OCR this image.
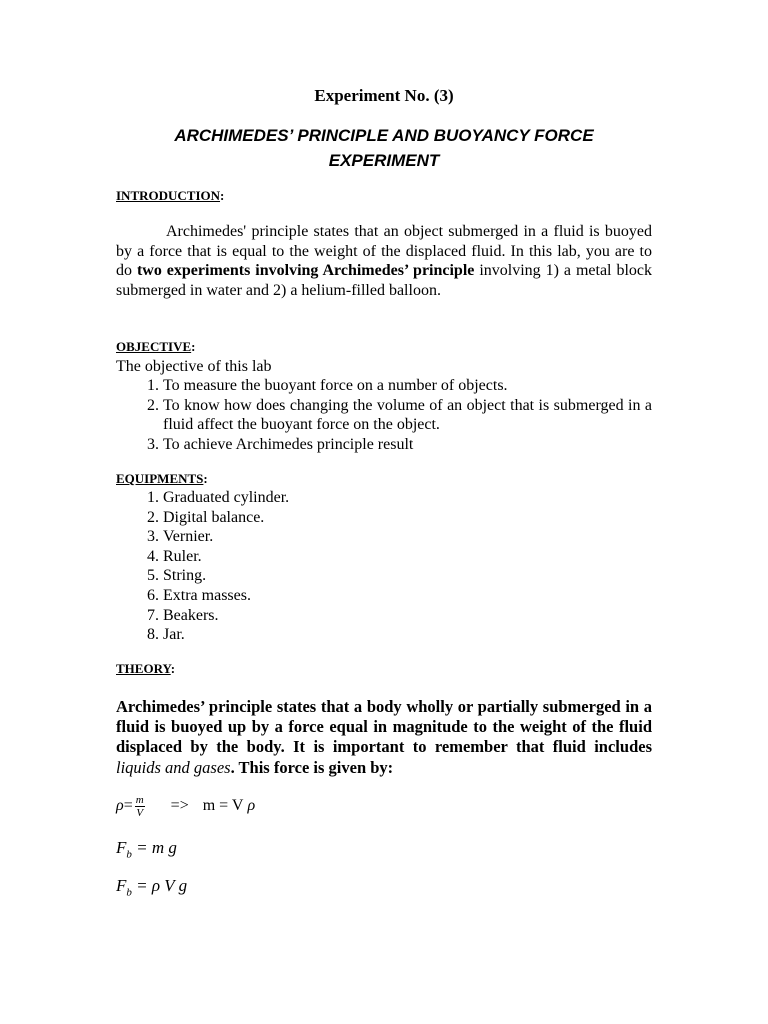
Experiment No. (3)
ARCHIMEDES’ PRINCIPLE AND BUOYANCY FORCE
EXPERIMENT
INTRODUCTION:
Archimedes' principle states that an object submerged in a fluid is buoyed by a force that is equal to the weight of the displaced fluid. In this lab, you are to do two experiments involving Archimedes’ principle involving 1) a metal block submerged in water and 2) a helium-filled balloon.
OBJECTIVE:
The objective of this lab
1. To measure the buoyant force on a number of objects.
2. To know how does changing the volume of an object that is submerged in a fluid affect the buoyant force on the object.
3. To achieve Archimedes principle result
EQUIPMENTS:
1. Graduated cylinder.
2. Digital balance.
3. Vernier.
4. Ruler.
5. String.
6. Extra masses.
7. Beakers.
8. Jar.
THEORY:
Archimedes’ principle states that a body wholly or partially submerged in a fluid is buoyed up by a force equal in magnitude to the weight of the fluid displaced by the body. It is important to remember that fluid includes liquids and gases. This force is given by:
$\rho= \frac{m}{V} => m = V$ ρ
$F_b = m$ g
$F_b = \rho$ V g
